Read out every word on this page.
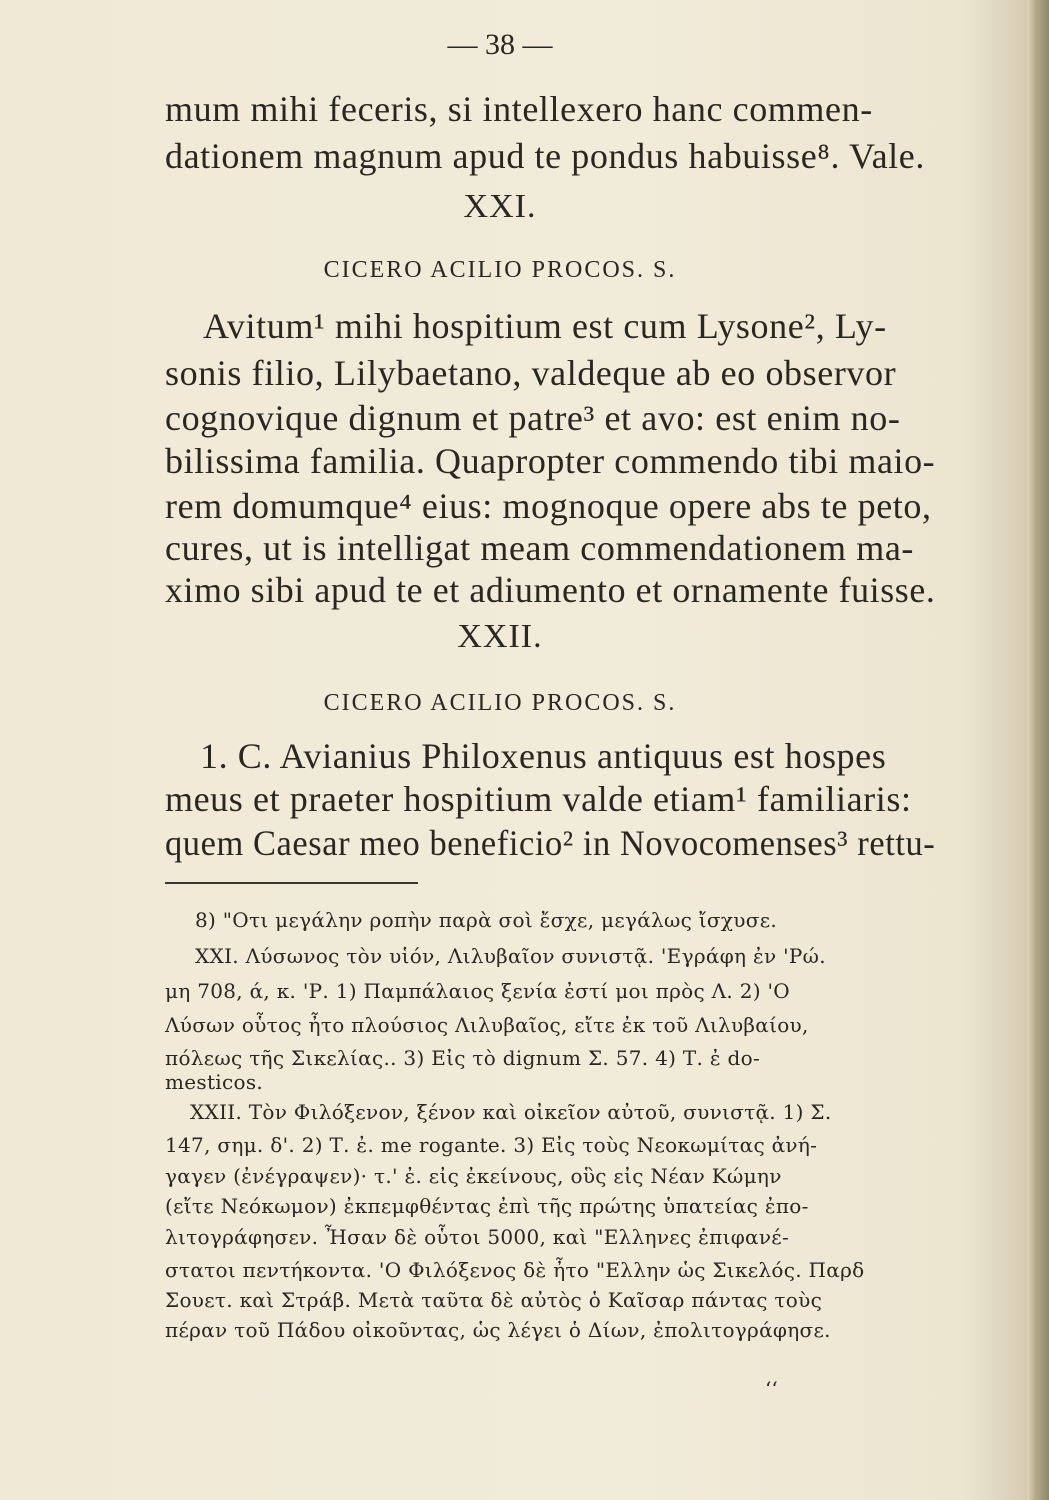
— 38 —
mum mihi feceris, si intellexero hanc commen-
dationem magnum apud te pondus habuisse⁸. Vale.
XXI.
CICERO ACILIO PROCOS. S.
Avitum¹ mihi hospitium est cum Lysone², Ly-
sonis filio, Lilybaetano, valdeque ab eo observor
cognovique dignum et patre³ et avo: est enim no-
bilissima familia. Quapropter commendo tibi maio-
rem domumque⁴ eius: mognoque opere abs te peto,
cures, ut is intelligat meam commendationem ma-
ximo sibi apud te et adiumento et ornamente fuisse.
XXII.
CICERO ACILIO PROCOS. S.
1. C. Avianius Philoxenus antiquus est hospes
meus et praeter hospitium valde etiam¹ familiaris:
quem Caesar meo beneficio² in Novocomenses³ rettu-
8) "Οτι μεγάλην ροπὴν παρὰ σοὶ ἔσχε, μεγάλως ἴσχυσε.
XXI. Λύσωνος τὸν υἱόν, Λιλυβαῖον συνιστᾷ. 'Εγράφη ἐν 'Ρώ.
μη 708, ά, κ. 'Ρ. 1) Παμπάλαιος ξενία ἐστί μοι πρὸς Λ. 2) 'Ο
Λύσων οὗτος ἦτο πλούσιος Λιλυβαῖος, εἴτε ἐκ τοῦ Λιλυβαίου,
πόλεως τῆς Σικελίας.. 3) Εἰς τὸ dignum Σ. 57. 4) Τ. ἐ do-
mesticos.
XXII. Τὸν Φιλόξενον, ξένον καὶ οἰκεῖον αὐτοῦ, συνιστᾷ. 1) Σ.
147, σημ. δ'. 2) Τ. ἐ. me rogante. 3) Εἰς τοὺς Νεοκωμίτας ἀνή-
γαγεν (ἐνέγραψεν)· τ.' ἐ. εἰς ἐκείνους, οὓς εἰς Νέαν Κώμην
(εἴτε Νεόκωμον) ἐκπεμφθέντας ἐπὶ τῆς πρώτης ὑπατείας ἐπο-
λιτογράφησεν. Ἦσαν δὲ οὗτοι 5000, καὶ "Ελληνες ἐπιφανέ-
στατοι πεντήκοντα. 'Ο Φιλόξενος δὲ ἦτο "Ελλην ὡς Σικελός. Παρδ
Σουετ. καὶ Στράβ. Μετὰ ταῦτα δὲ αὐτὸς ὁ Καῖσαρ πάντας τοὺς
πέραν τοῦ Πάδου οἰκοῦντας, ὡς λέγει ὁ Δίων, ἐπολιτογράφησε.
‘‘
